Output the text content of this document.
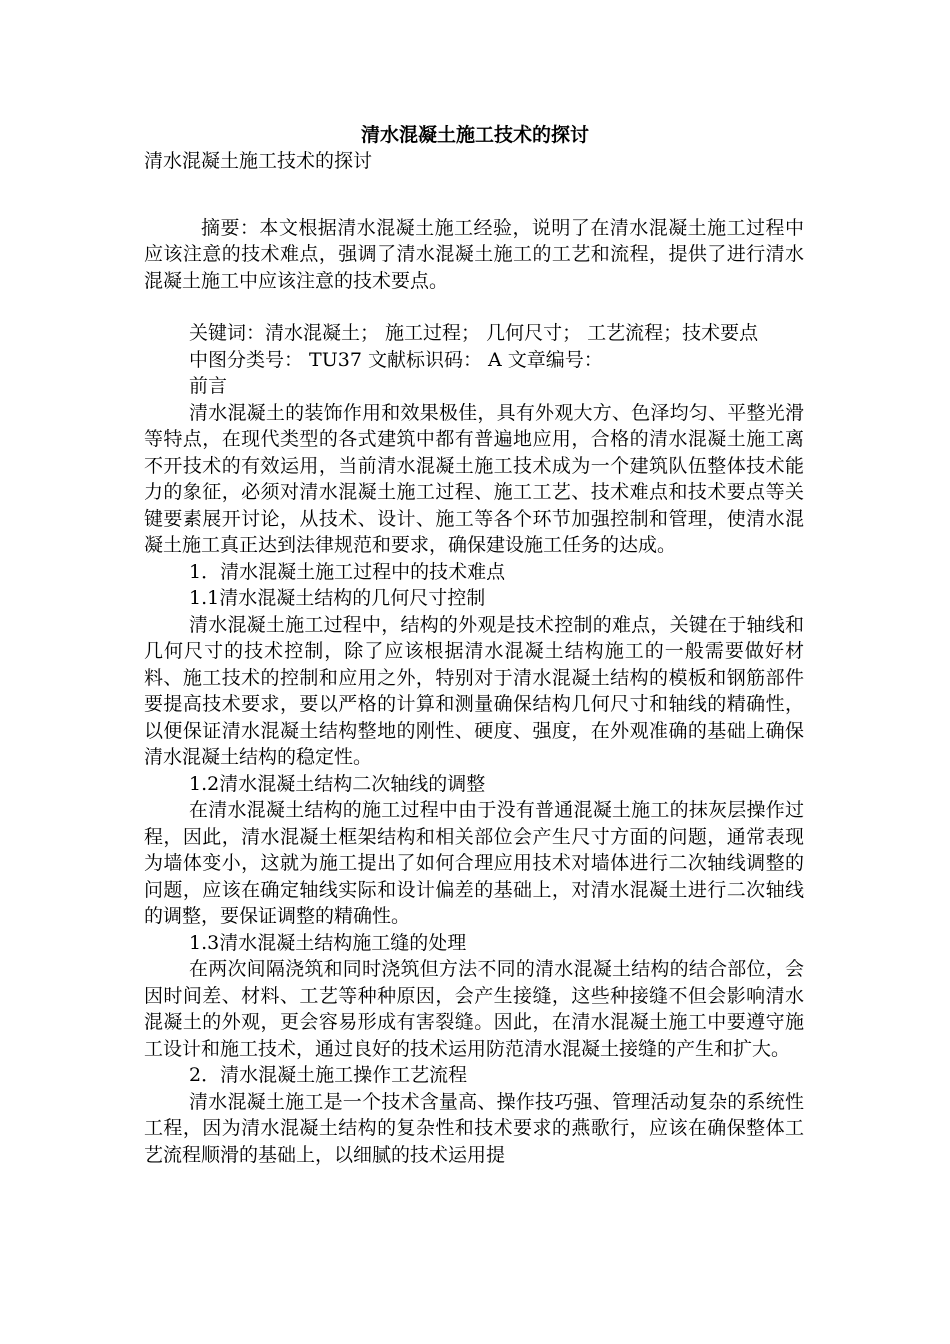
清水混凝土施工技术的探讨

清水混凝土施工技术的探讨

摘要：本文根据清水混凝土施工经验，说明了在清水混凝土施工过程中应该注意的技术难点，强调了清水混凝土施工的工艺和流程，提供了进行清水混凝土施工中应该注意的技术要点。

关键词：清水混凝土； 施工过程； 几何尺寸； 工艺流程；技术要点

中图分类号： TU37 文献标识码： A 文章编号：

前言

清水混凝土的装饰作用和效果极佳，具有外观大方、色泽均匀、平整光滑等特点，在现代类型的各式建筑中都有普遍地应用，合格的清水混凝土施工离不开技术的有效运用，当前清水混凝土施工技术成为一个建筑队伍整体技术能力的象征，必须对清水混凝土施工过程、施工工艺、技术难点和技术要点等关键要素展开讨论，从技术、设计、施工等各个环节加强控制和管理，使清水混凝土施工真正达到法律规范和要求，确保建设施工任务的达成。

1．清水混凝土施工过程中的技术难点

1.1清水混凝土结构的几何尺寸控制

清水混凝土施工过程中，结构的外观是技术控制的难点，关键在于轴线和几何尺寸的技术控制，除了应该根据清水混凝土结构施工的一般需要做好材料、施工技术的控制和应用之外，特别对于清水混凝土结构的模板和钢筋部件要提高技术要求，要以严格的计算和测量确保结构几何尺寸和轴线的精确性，以便保证清水混凝土结构整地的刚性、硬度、强度，在外观准确的基础上确保清水混凝土结构的稳定性。

1.2清水混凝土结构二次轴线的调整

在清水混凝土结构的施工过程中由于没有普通混凝土施工的抹灰层操作过程，因此，清水混凝土框架结构和相关部位会产生尺寸方面的问题，通常表现为墙体变小，这就为施工提出了如何合理应用技术对墙体进行二次轴线调整的问题，应该在确定轴线实际和设计偏差的基础上，对清水混凝土进行二次轴线的调整，要保证调整的精确性。

1.3清水混凝土结构施工缝的处理

在两次间隔浇筑和同时浇筑但方法不同的清水混凝土结构的结合部位，会因时间差、材料、工艺等种种原因，会产生接缝，这些种接缝不但会影响清水混凝土的外观，更会容易形成有害裂缝。因此，在清水混凝土施工中要遵守施工设计和施工技术，通过良好的技术运用防范清水混凝土接缝的产生和扩大。

2．清水混凝土施工操作工艺流程

清水混凝土施工是一个技术含量高、操作技巧强、管理活动复杂的系统性工程，因为清水混凝土结构的复杂性和技术要求的燕歌行，应该在确保整体工艺流程顺滑的基础上，以细腻的技术运用提
